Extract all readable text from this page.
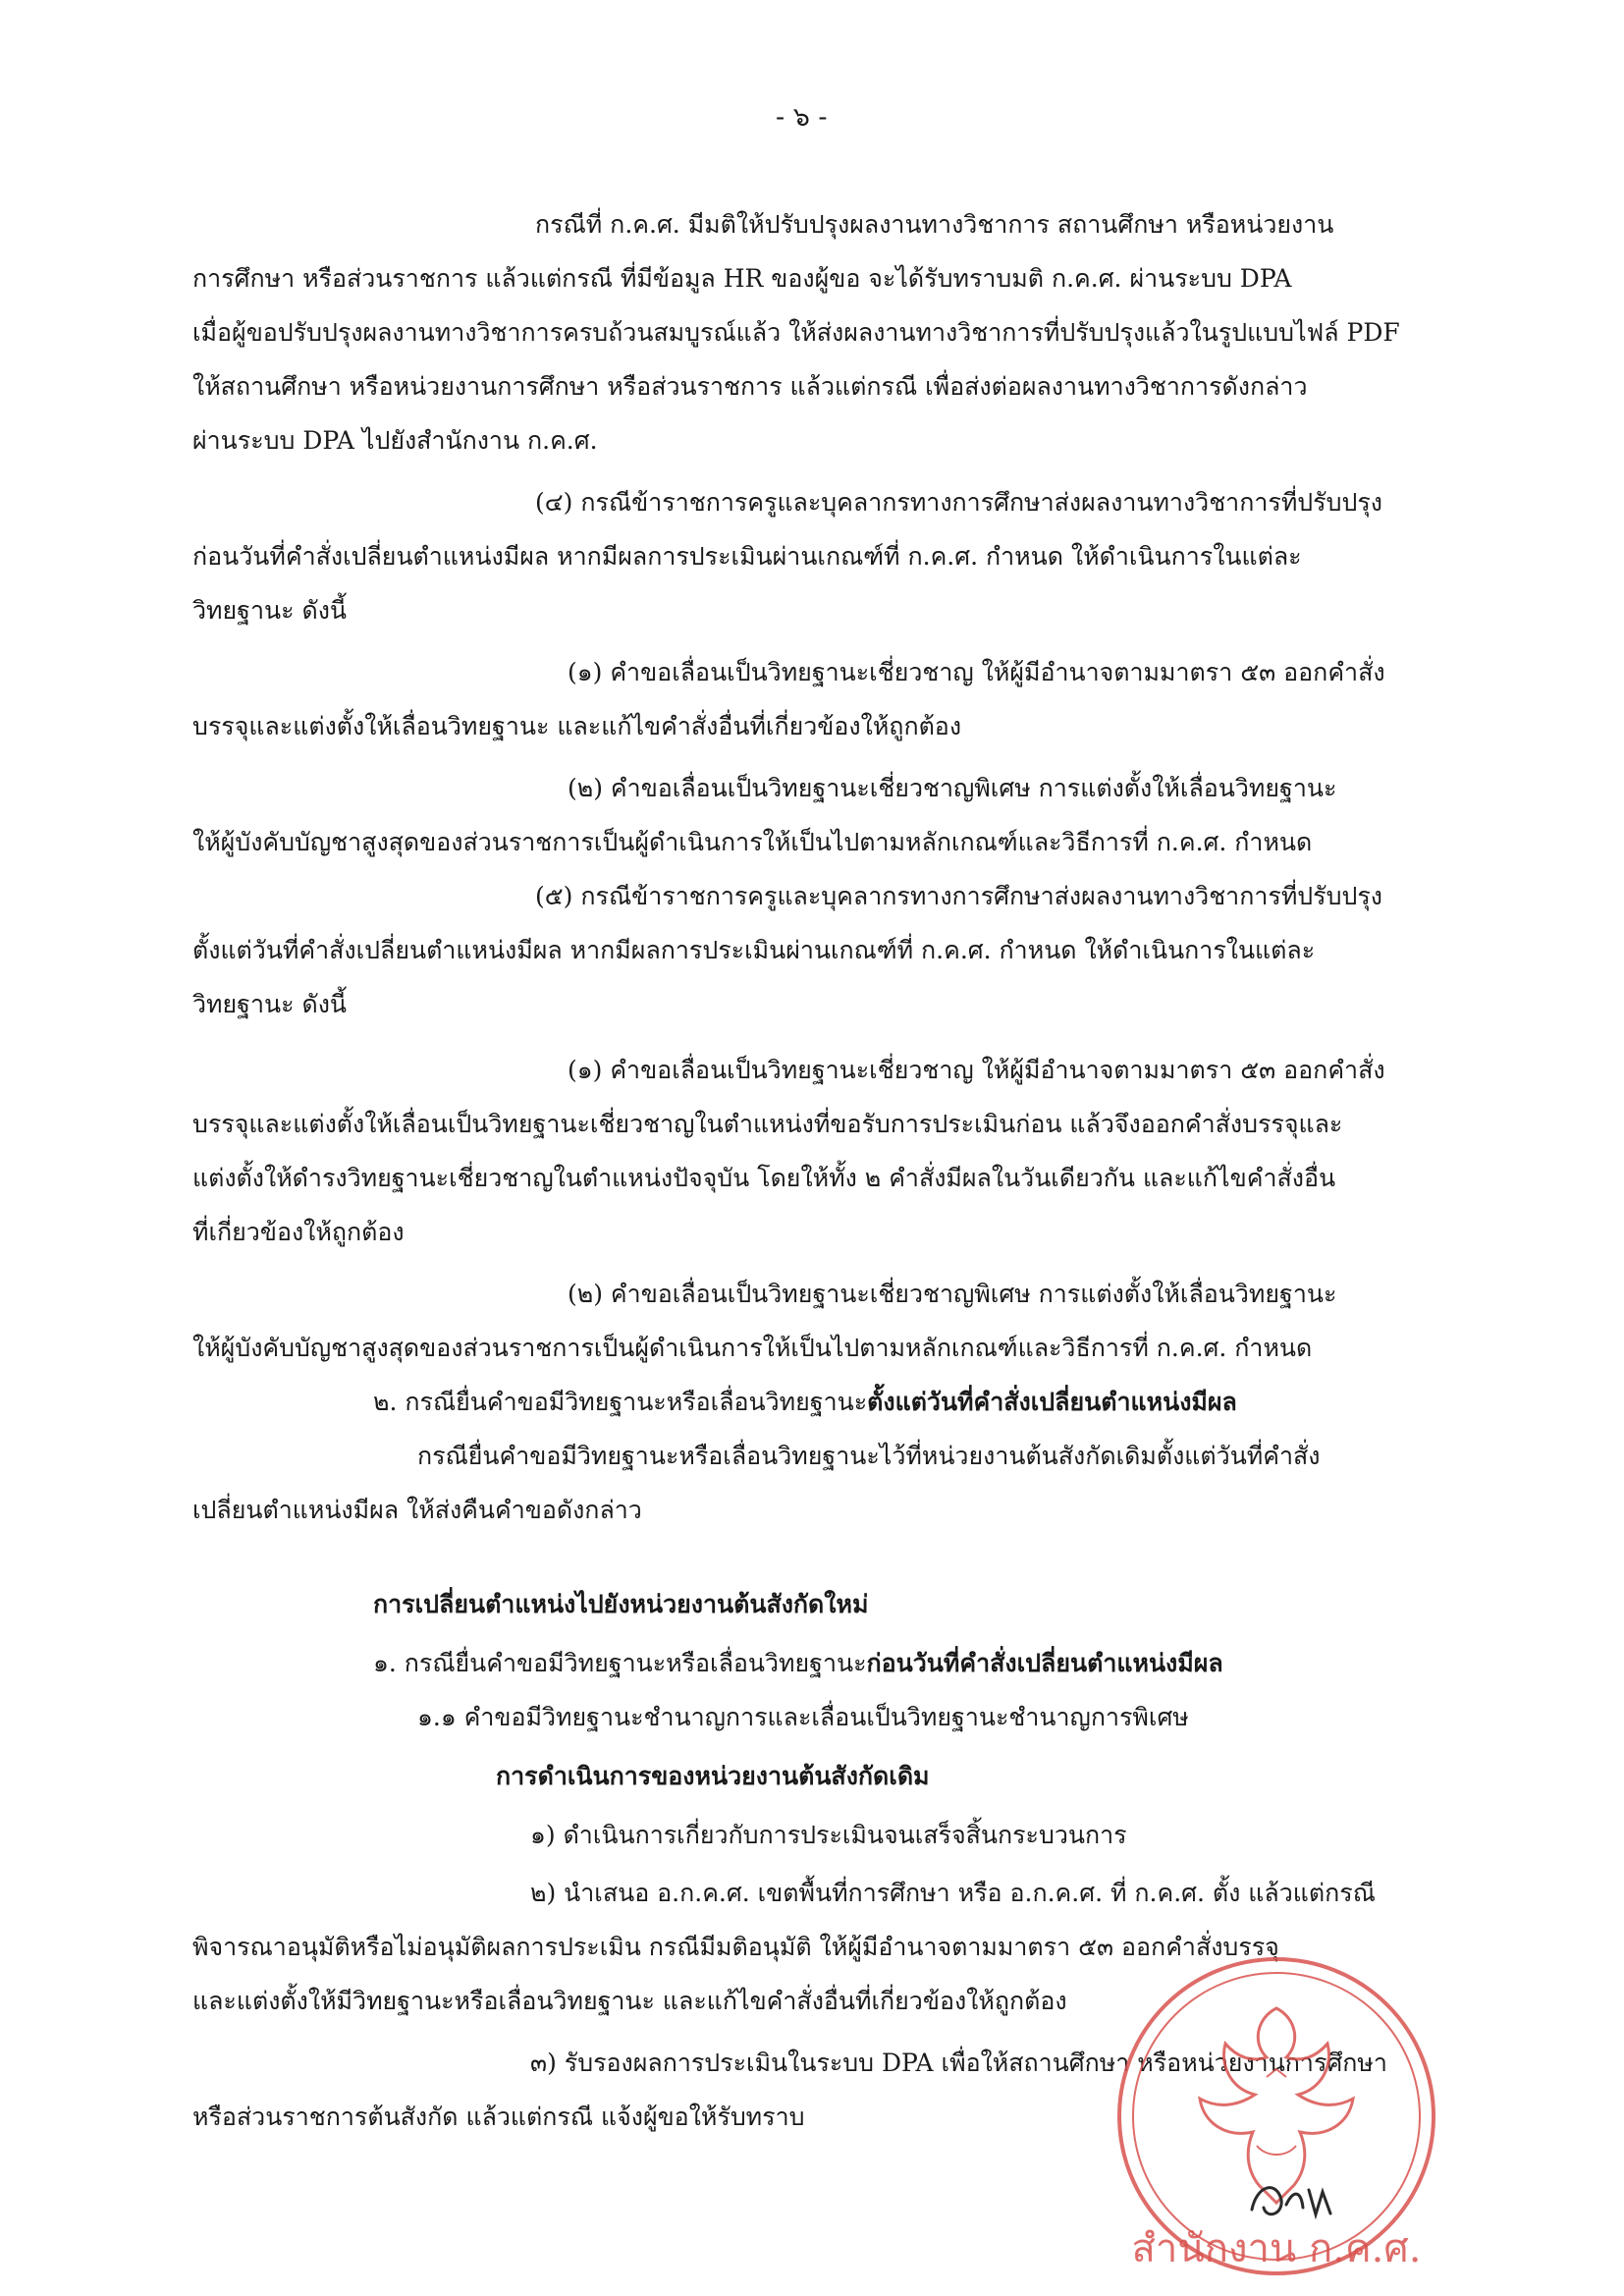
- ๖ -
กรณีที่ ก.ค.ศ. มีมติให้ปรับปรุงผลงานทางวิชาการ สถานศึกษา หรือหน่วยงาน
การศึกษา หรือส่วนราชการ แล้วแต่กรณี ที่มีข้อมูล HR ของผู้ขอ จะได้รับทราบมติ ก.ค.ศ. ผ่านระบบ DPA
เมื่อผู้ขอปรับปรุงผลงานทางวิชาการครบถ้วนสมบูรณ์แล้ว ให้ส่งผลงานทางวิชาการที่ปรับปรุงแล้วในรูปแบบไฟล์ PDF
ให้สถานศึกษา หรือหน่วยงานการศึกษา หรือส่วนราชการ แล้วแต่กรณี เพื่อส่งต่อผลงานทางวิชาการดังกล่าว
ผ่านระบบ DPA ไปยังสำนักงาน ก.ค.ศ.
(๔) กรณีข้าราชการครูและบุคลากรทางการศึกษาส่งผลงานทางวิชาการที่ปรับปรุง
ก่อนวันที่คำสั่งเปลี่ยนตำแหน่งมีผล หากมีผลการประเมินผ่านเกณฑ์ที่ ก.ค.ศ. กำหนด ให้ดำเนินการในแต่ละ
วิทยฐานะ ดังนี้
(๑) คำขอเลื่อนเป็นวิทยฐานะเชี่ยวชาญ ให้ผู้มีอำนาจตามมาตรา ๕๓ ออกคำสั่ง
บรรจุและแต่งตั้งให้เลื่อนวิทยฐานะ และแก้ไขคำสั่งอื่นที่เกี่ยวข้องให้ถูกต้อง
(๒) คำขอเลื่อนเป็นวิทยฐานะเชี่ยวชาญพิเศษ การแต่งตั้งให้เลื่อนวิทยฐานะ
ให้ผู้บังคับบัญชาสูงสุดของส่วนราชการเป็นผู้ดำเนินการให้เป็นไปตามหลักเกณฑ์และวิธีการที่ ก.ค.ศ. กำหนด
(๕) กรณีข้าราชการครูและบุคลากรทางการศึกษาส่งผลงานทางวิชาการที่ปรับปรุง
ตั้งแต่วันที่คำสั่งเปลี่ยนตำแหน่งมีผล หากมีผลการประเมินผ่านเกณฑ์ที่ ก.ค.ศ. กำหนด ให้ดำเนินการในแต่ละ
วิทยฐานะ ดังนี้
(๑) คำขอเลื่อนเป็นวิทยฐานะเชี่ยวชาญ ให้ผู้มีอำนาจตามมาตรา ๕๓ ออกคำสั่ง
บรรจุและแต่งตั้งให้เลื่อนเป็นวิทยฐานะเชี่ยวชาญในตำแหน่งที่ขอรับการประเมินก่อน แล้วจึงออกคำสั่งบรรจุและ
แต่งตั้งให้ดำรงวิทยฐานะเชี่ยวชาญในตำแหน่งปัจจุบัน โดยให้ทั้ง ๒ คำสั่งมีผลในวันเดียวกัน และแก้ไขคำสั่งอื่น
ที่เกี่ยวข้องให้ถูกต้อง
(๒) คำขอเลื่อนเป็นวิทยฐานะเชี่ยวชาญพิเศษ การแต่งตั้งให้เลื่อนวิทยฐานะ
ให้ผู้บังคับบัญชาสูงสุดของส่วนราชการเป็นผู้ดำเนินการให้เป็นไปตามหลักเกณฑ์และวิธีการที่ ก.ค.ศ. กำหนด
๒. กรณียื่นคำขอมีวิทยฐานะหรือเลื่อนวิทยฐานะตั้งแต่วันที่คำสั่งเปลี่ยนตำแหน่งมีผล
กรณียื่นคำขอมีวิทยฐานะหรือเลื่อนวิทยฐานะไว้ที่หน่วยงานต้นสังกัดเดิมตั้งแต่วันที่คำสั่ง
เปลี่ยนตำแหน่งมีผล ให้ส่งคืนคำขอดังกล่าว
การเปลี่ยนตำแหน่งไปยังหน่วยงานต้นสังกัดใหม่
๑. กรณียื่นคำขอมีวิทยฐานะหรือเลื่อนวิทยฐานะก่อนวันที่คำสั่งเปลี่ยนตำแหน่งมีผล
๑.๑ คำขอมีวิทยฐานะชำนาญการและเลื่อนเป็นวิทยฐานะชำนาญการพิเศษ
การดำเนินการของหน่วยงานต้นสังกัดเดิม
๑) ดำเนินการเกี่ยวกับการประเมินจนเสร็จสิ้นกระบวนการ
๒) นำเสนอ อ.ก.ค.ศ. เขตพื้นที่การศึกษา หรือ อ.ก.ค.ศ. ที่ ก.ค.ศ. ตั้ง แล้วแต่กรณี
พิจารณาอนุมัติหรือไม่อนุมัติผลการประเมิน กรณีมีมติอนุมัติ ให้ผู้มีอำนาจตามมาตรา ๕๓ ออกคำสั่งบรรจุ
และแต่งตั้งให้มีวิทยฐานะหรือเลื่อนวิทยฐานะ และแก้ไขคำสั่งอื่นที่เกี่ยวข้องให้ถูกต้อง
๓) รับรองผลการประเมินในระบบ DPA เพื่อให้สถานศึกษา หรือหน่วยงานการศึกษา
หรือส่วนราชการต้นสังกัด แล้วแต่กรณี แจ้งผู้ขอให้รับทราบ
สำนักงาน ก.ค.ศ.
